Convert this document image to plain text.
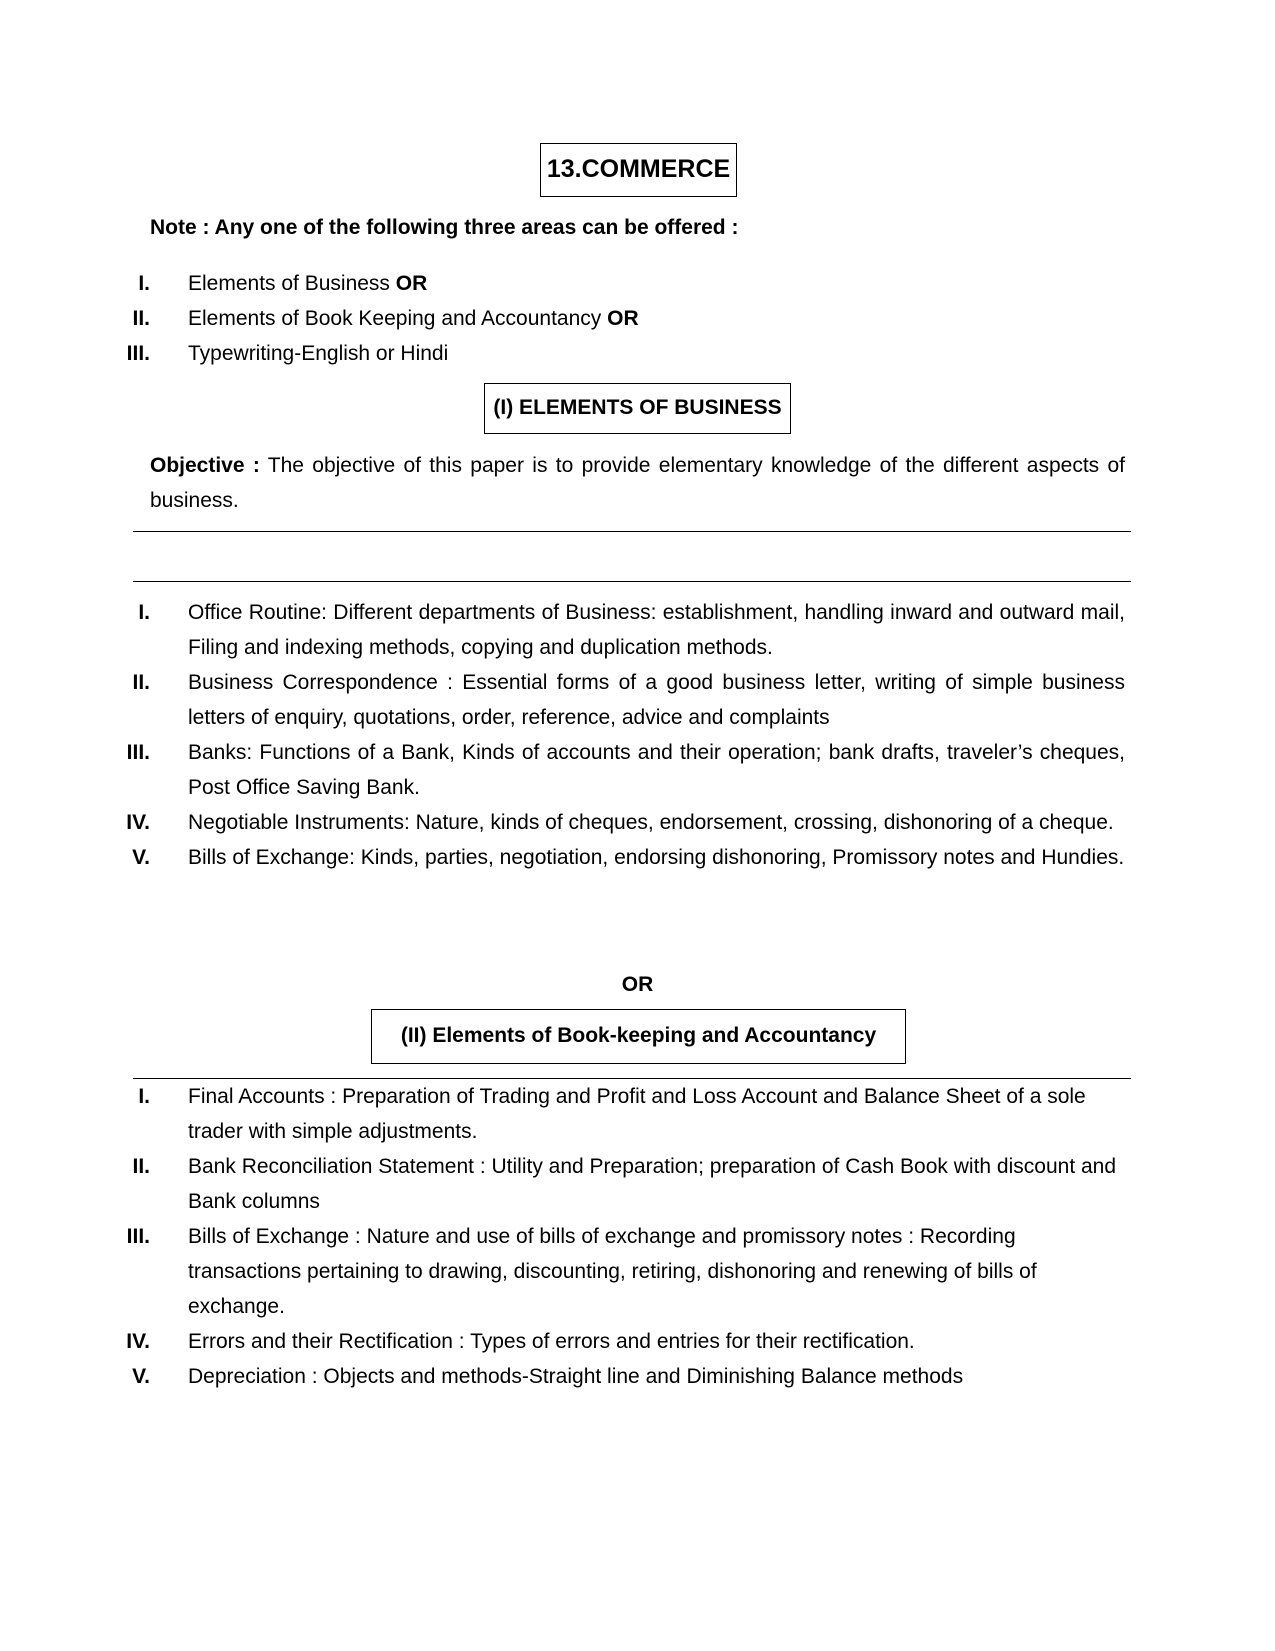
13.COMMERCE
Note : Any one of the following three areas can be offered :
I. Elements of Business OR
II. Elements of Book Keeping and Accountancy OR
III. Typewriting-English or Hindi
(I) ELEMENTS OF BUSINESS
Objective : The objective of this paper is to provide elementary knowledge of the different aspects of business.
I. Office Routine: Different departments of Business: establishment, handling inward and outward mail, Filing and indexing methods, copying and duplication methods.
II. Business Correspondence : Essential forms of a good business letter, writing of simple business letters of enquiry, quotations, order, reference, advice and complaints
III. Banks: Functions of a Bank, Kinds of accounts and their operation; bank drafts, traveler’s cheques, Post Office Saving Bank.
IV. Negotiable Instruments: Nature, kinds of cheques, endorsement, crossing, dishonoring of a cheque.
V. Bills of Exchange: Kinds, parties, negotiation, endorsing dishonoring, Promissory notes and Hundies.
OR
(II) Elements of Book-keeping and Accountancy
I. Final Accounts : Preparation of Trading and Profit and Loss Account and Balance Sheet of a sole trader with simple adjustments.
II. Bank Reconciliation Statement : Utility and Preparation; preparation of Cash Book with discount and Bank columns
III. Bills of Exchange : Nature and use of bills of exchange and promissory notes : Recording transactions pertaining to drawing, discounting, retiring, dishonoring and renewing of bills of exchange.
IV. Errors and their Rectification : Types of errors and entries for their rectification.
V. Depreciation : Objects and methods-Straight line and Diminishing Balance methods
